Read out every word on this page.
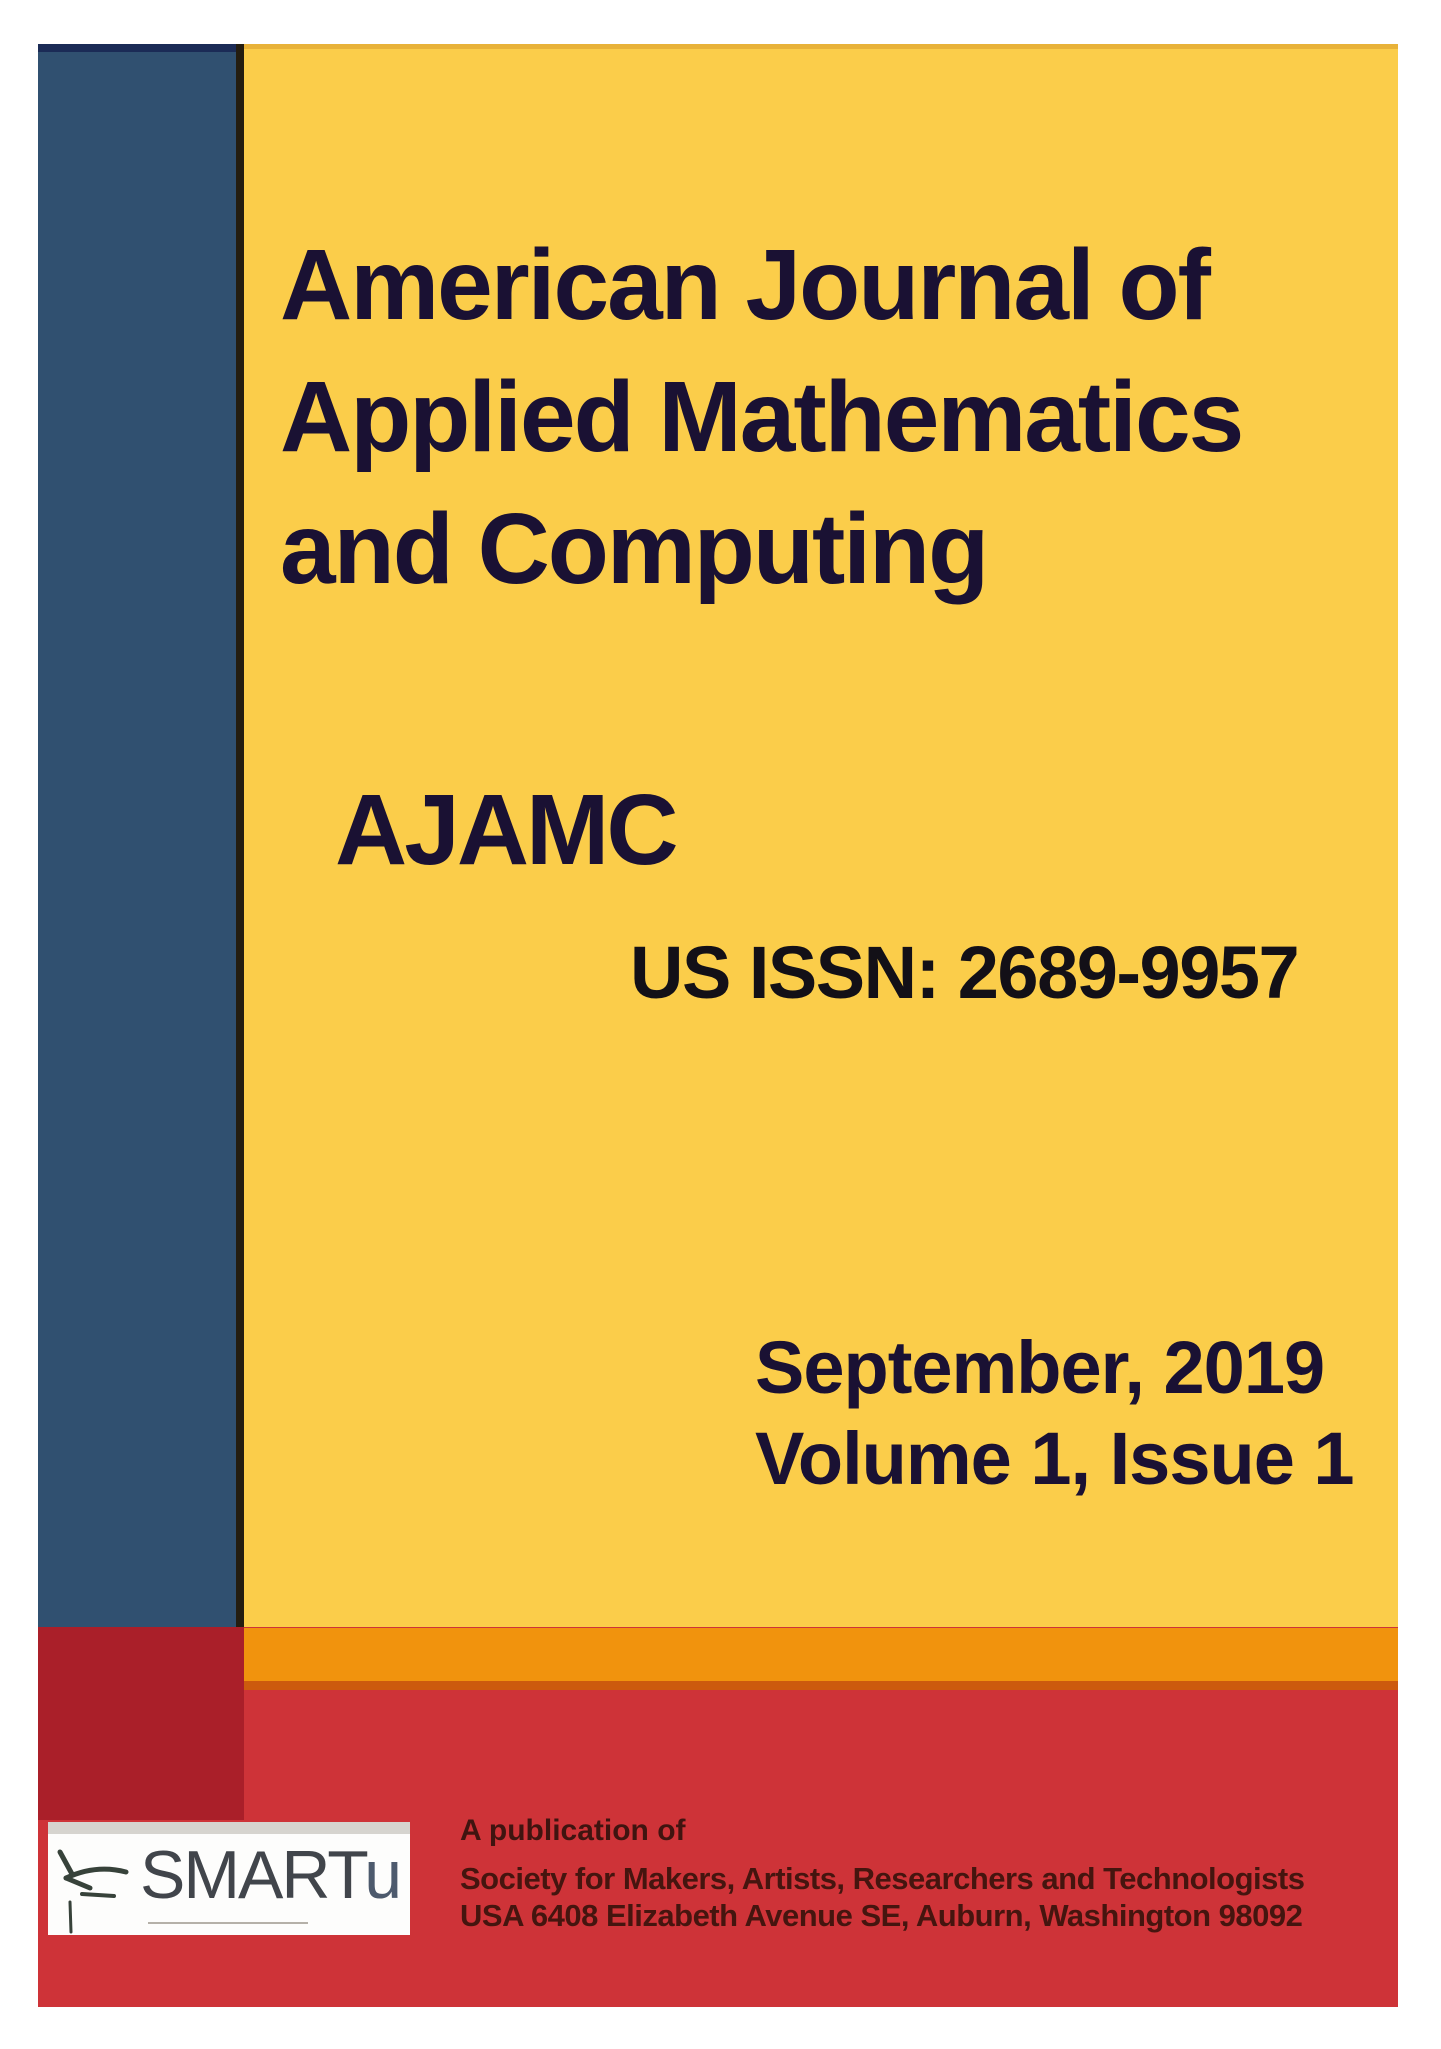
American Journal of
Applied Mathematics
and Computing
AJAMC
US ISSN: 2689-9957
September, 2019
Volume 1, Issue 1
SMARTu
A publication of
Society for Makers, Artists, Researchers and Technologists
USA 6408 Elizabeth Avenue SE, Auburn, Washington 98092
